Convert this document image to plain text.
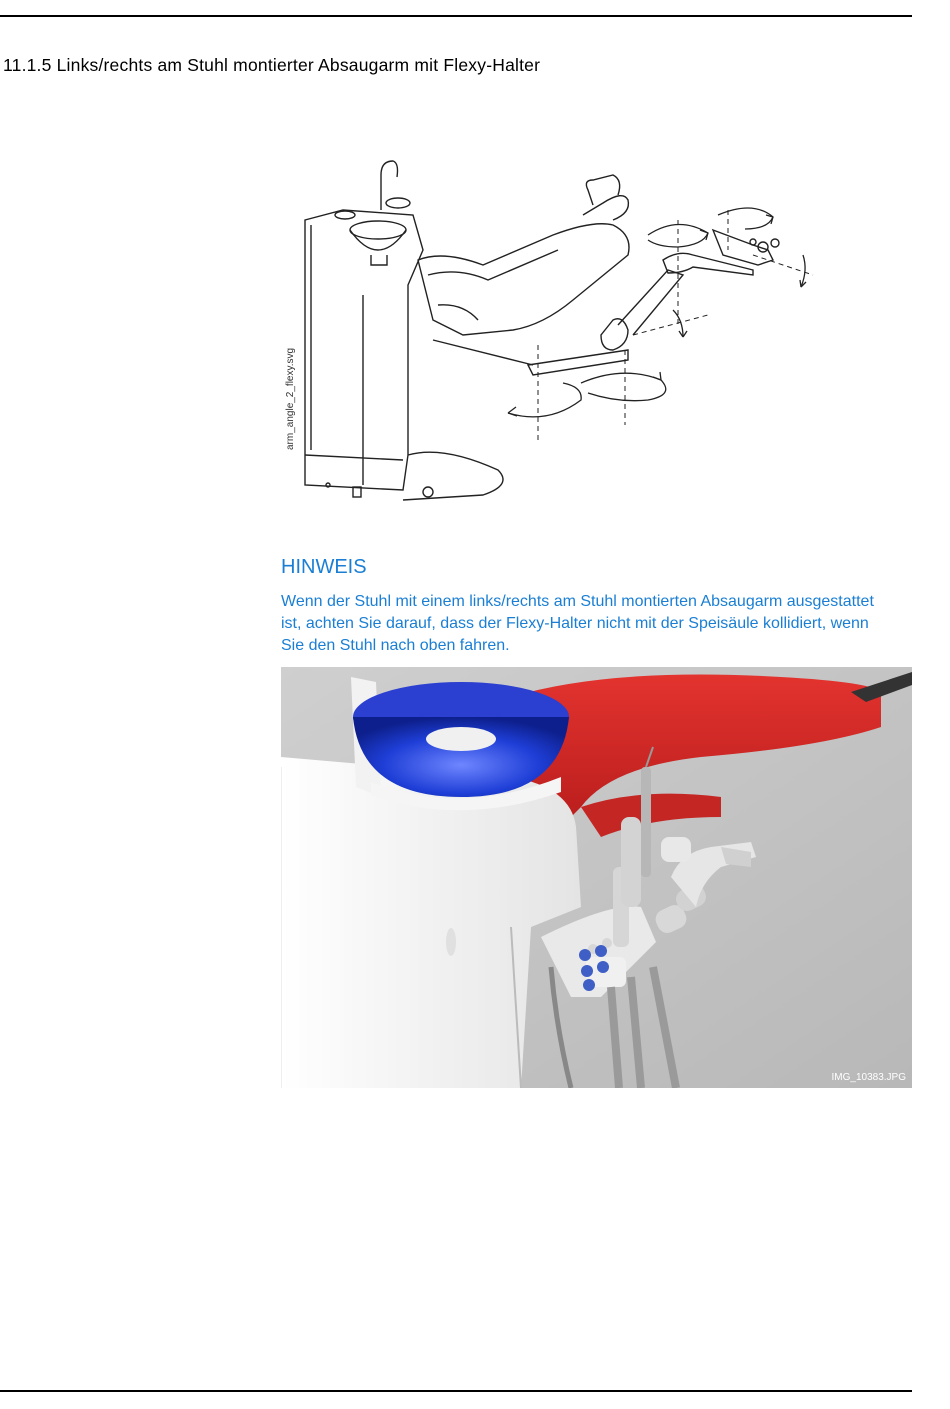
11.1.5 Links/rechts am Stuhl montierter Absaugarm mit Flexy-Halter
arm_angle_2_flexy.svg
HINWEIS
Wenn der Stuhl mit einem links/rechts am Stuhl montierten Absaugarm ausgestattet ist, achten Sie darauf, dass der Flexy-Halter nicht mit der Speisäule kollidiert, wenn Sie den Stuhl nach oben fahren.
IMG_10383.JPG
